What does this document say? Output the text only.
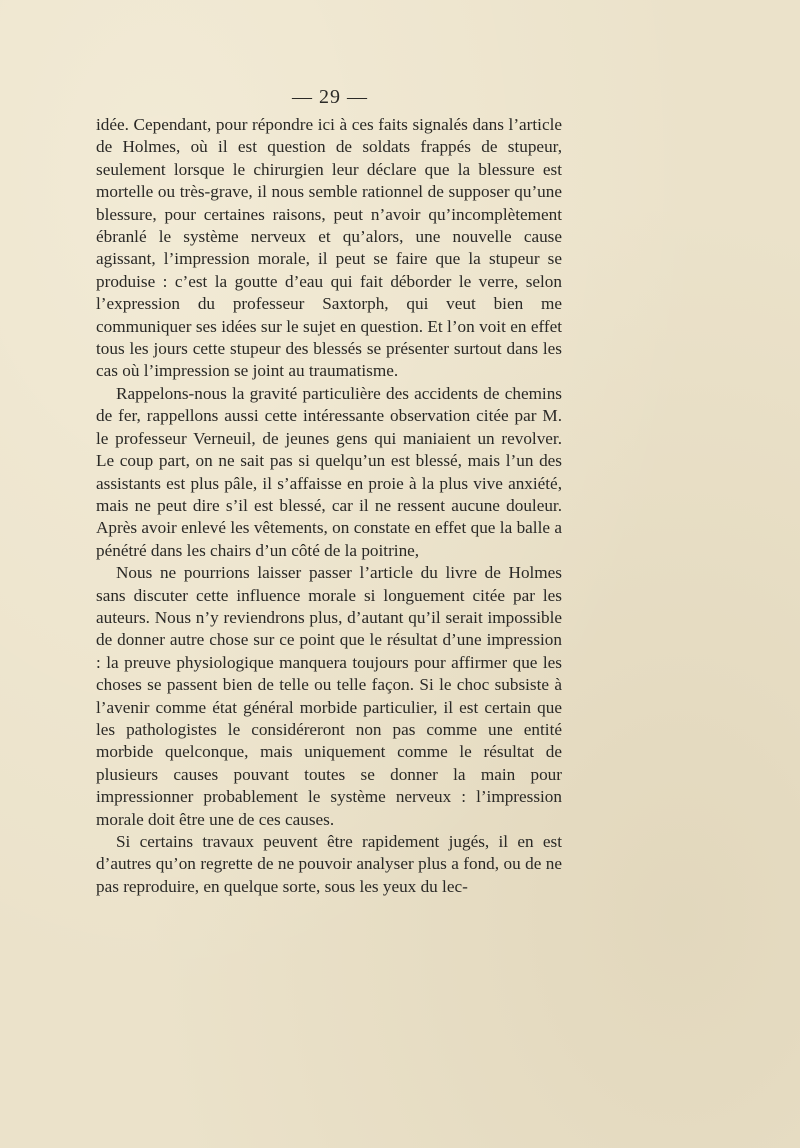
— 29 —

idée. Cependant, pour répondre ici à ces faits signalés dans l’article de Holmes, où il est question de soldats frappés de stupeur, seulement lorsque le chirurgien leur déclare que la blessure est mortelle ou très-grave, il nous semble rationnel de supposer qu’une blessure, pour certaines raisons, peut n’avoir qu’incomplètement ébranlé le système nerveux et qu’alors, une nouvelle cause agissant, l’impression morale, il peut se faire que la stupeur se produise : c’est la goutte d’eau qui fait déborder le verre, selon l’expression du professeur Saxtorph, qui veut bien me communiquer ses idées sur le sujet en question. Et l’on voit en effet tous les jours cette stupeur des blessés se présenter surtout dans les cas où l’impression se joint au traumatisme.

Rappelons-nous la gravité particulière des accidents de chemins de fer, rappellons aussi cette intéressante observation citée par M. le professeur Verneuil, de jeunes gens qui maniaient un revolver. Le coup part, on ne sait pas si quelqu’un est blessé, mais l’un des assistants est plus pâle, il s’affaisse en proie à la plus vive anxiété, mais ne peut dire s’il est blessé, car il ne ressent aucune douleur. Après avoir enlevé les vêtements, on constate en effet que la balle a pénétré dans les chairs d’un côté de la poitrine,

Nous ne pourrions laisser passer l’article du livre de Holmes sans discuter cette influence morale si longuement citée par les auteurs. Nous n’y reviendrons plus, d’autant qu’il serait impossible de donner autre chose sur ce point que le résultat d’une impression : la preuve physiologique manquera toujours pour affirmer que les choses se passent bien de telle ou telle façon. Si le choc subsiste à l’avenir comme état général morbide particulier, il est certain que les pathologistes le considéreront non pas comme une entité morbide quelconque, mais uniquement comme le résultat de plusieurs causes pouvant toutes se donner la main pour impressionner probablement le système nerveux : l’impression morale doit être une de ces causes.

Si certains travaux peuvent être rapidement jugés, il en est d’autres qu’on regrette de ne pouvoir analyser plus a fond, ou de ne pas reproduire, en quelque sorte, sous les yeux du lec-
